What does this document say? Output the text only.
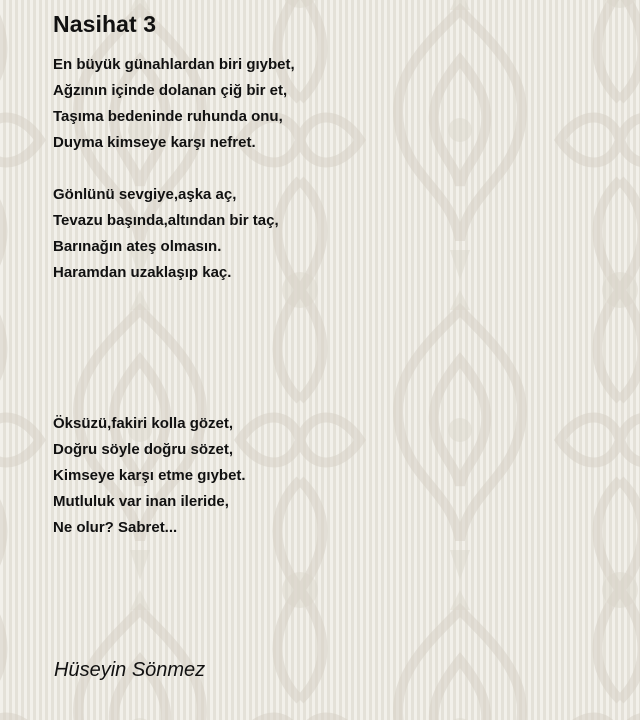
Nasihat 3
En büyük günahlardan biri gıybet,
Ağzının içinde dolanan çiğ bir et,
Taşıma bedeninde ruhunda onu,
Duyma kimseye karşı nefret.
Gönlünü sevgiye,aşka aç,
Tevazu başında,altından bir taç,
Barınağın ateş olmasın.
Haramdan uzaklaşıp kaç.
Öksüzü,fakiri kolla gözet,
Doğru söyle doğru sözet,
Kimseye karşı etme gıybet.
Mutluluk var inan ileride,
Ne olur? Sabret...
Hüseyin Sönmez
